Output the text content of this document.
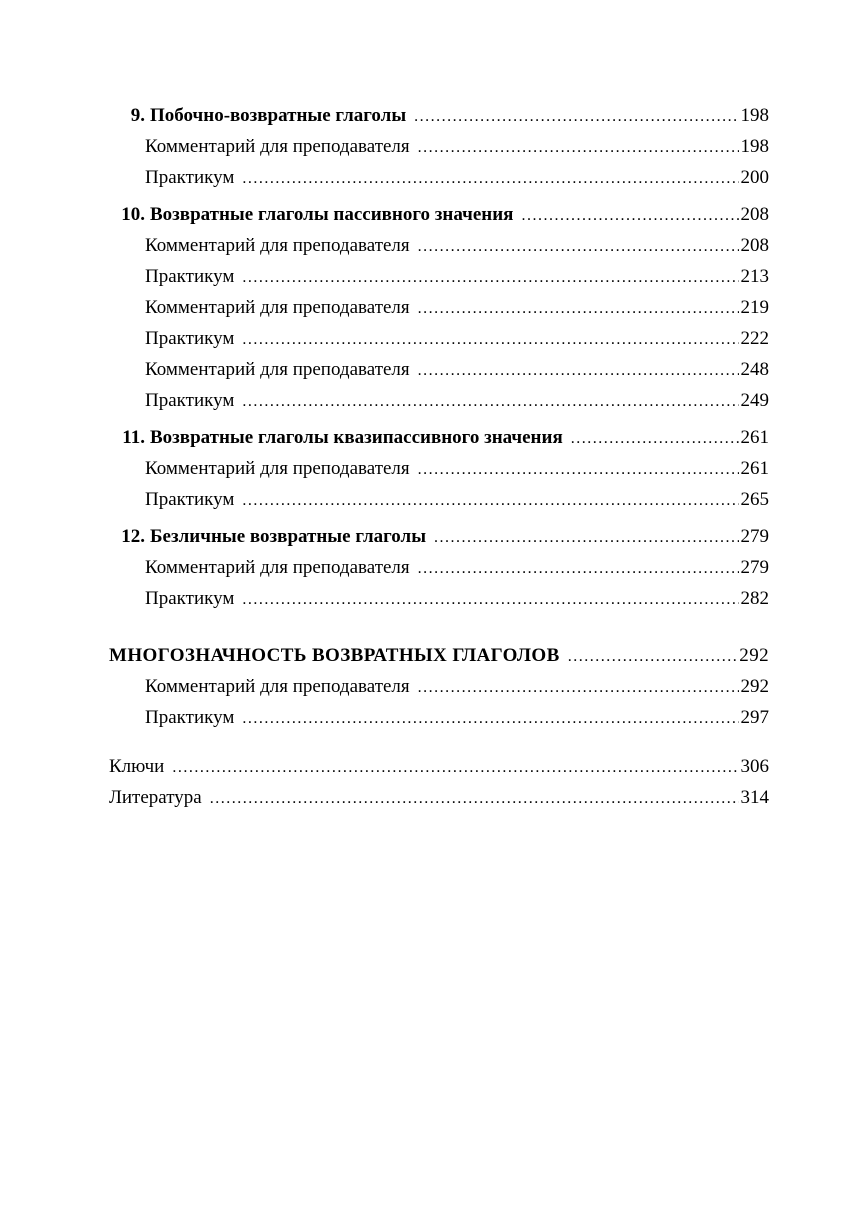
9. Побочно-возвратные глаголы .....	198
Комментарий для преподавателя .....	198
Практикум .....	200
10. Возвратные глаголы пассивного значения .....	208
Комментарий для преподавателя .....	208
Практикум .....	213
Комментарий для преподавателя .....	219
Практикум .....	222
Комментарий для преподавателя .....	248
Практикум .....	249
11. Возвратные глаголы квазипассивного значения .....	261
Комментарий для преподавателя .....	261
Практикум .....	265
12. Безличные возвратные глаголы .....	279
Комментарий для преподавателя .....	279
Практикум .....	282
МНОГОЗНАЧНОСТЬ ВОЗВРАТНЫХ ГЛАГОЛОВ .....	292
Комментарий для преподавателя .....	292
Практикум .....	297
Ключи .....	306
Литература .....	314
